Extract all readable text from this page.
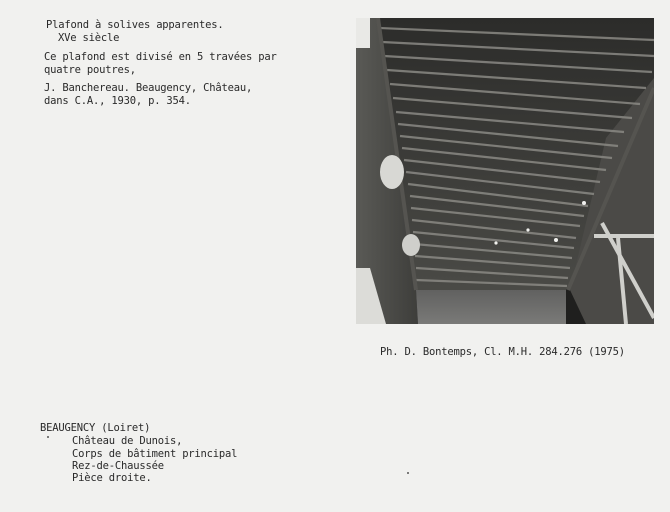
Plafond à solives apparentes.
XVe siècle
Ce plafond est divisé en 5 travées par
quatre poutres,
J. Banchereau. Beaugency, Château,
dans C.A., 1930, p. 354.
Ph. D. Bontemps, Cl. M.H. 284.276 (1975)
BEAUGENCY (Loiret)
Château de Dunois,
Corps de bâtiment principal
Rez-de-Chaussée
Pièce droite.
